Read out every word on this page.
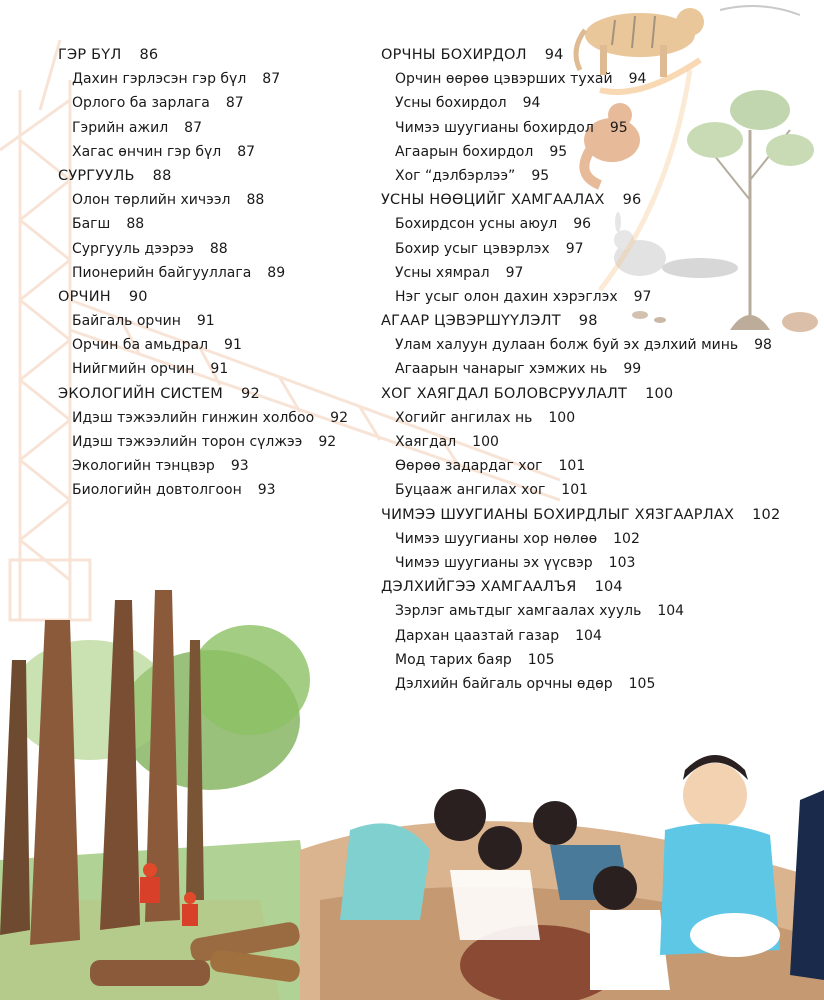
ГЭР БҮЛ 86
Дахин гэрлэсэн гэр бүл 87
Орлого ба зарлага 87
Гэрийн ажил 87
Хагас өнчин гэр бүл 87
СУРГУУЛЬ 88
Олон төрлийн хичээл 88
Багш 88
Сургууль дээрээ 88
Пионерийн байгууллага 89
ОРЧИН 90
Байгаль орчин 91
Орчин ба амьдрал 91
Нийгмийн орчин 91
ЭКОЛОГИЙН СИСТЕМ 92
Идэш тэжээлийн гинжин холбоо 92
Идэш тэжээлийн торон сүлжээ 92
Экологийн тэнцвэр 93
Биологийн довтолгоон 93
ОРЧНЫ БОХИРДОЛ 94
Орчин өөрөө цэвэрших тухай 94
Усны бохирдол 94
Чимээ шуугианы бохирдол 95
Агаарын бохирдол 95
Хог “дэлбэрлээ” 95
УСНЫ НӨӨЦИЙГ ХАМГААЛАХ 96
Бохирдсон усны аюул 96
Бохир усыг цэвэрлэх 97
Усны хямрал 97
Нэг усыг олон дахин хэрэглэх 97
АГААР ЦЭВЭРШҮҮЛЭЛТ 98
Улам халуун дулаан болж буй эх дэлхий минь 98
Агаарын чанарыг хэмжих нь 99
ХОГ ХАЯГДАЛ БОЛОВСРУУЛАЛТ 100
Хогийг ангилах нь 100
Хаягдал 100
Өөрөө задардаг хог 101
Буцааж ангилах хог 101
ЧИМЭЭ ШУУГИАНЫ БОХИРДЛЫГ ХЯЗГААРЛАХ 102
Чимээ шуугианы хор нөлөө 102
Чимээ шуугианы эх үүсвэр 103
ДЭЛХИЙГЭЭ ХАМГААЛЪЯ 104
Зэрлэг амьтдыг хамгаалах хууль 104
Дархан цаазтай газар 104
Мод тарих баяр 105
Дэлхийн байгаль орчны өдөр 105
